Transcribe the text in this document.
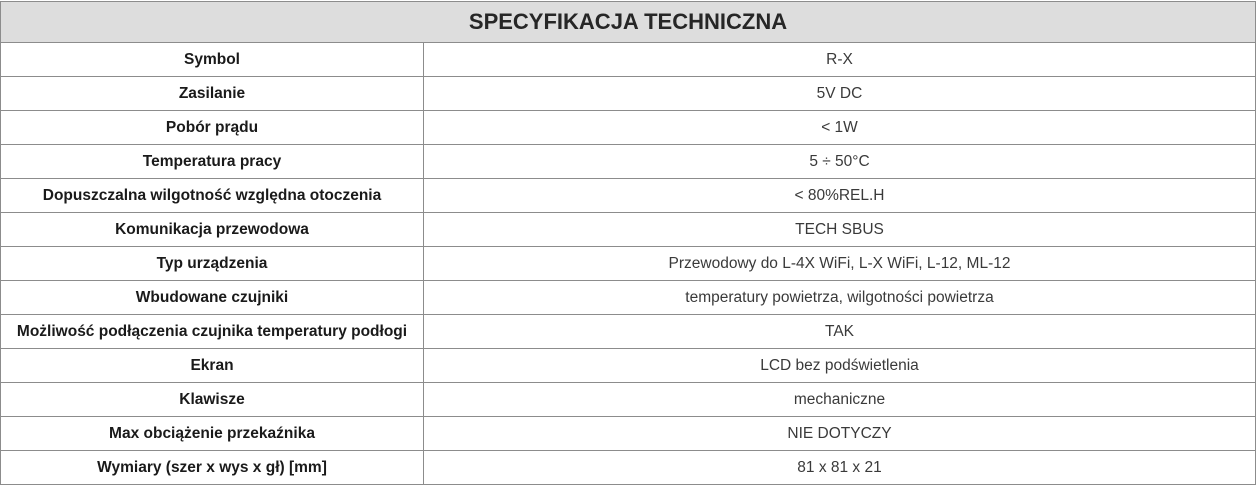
SPECYFIKACJA TECHNICZNA	
Symbol	R-X
Zasilanie	5V DC
Pobór prądu	< 1W
Temperatura pracy	5 ÷ 50°C
Dopuszczalna wilgotność względna otoczenia	< 80%REL.H
Komunikacja przewodowa	TECH SBUS
Typ urządzenia	Przewodowy do L-4X WiFi, L-X WiFi, L-12, ML-12
Wbudowane czujniki	temperatury powietrza, wilgotności powietrza
Możliwość podłączenia czujnika temperatury podłogi	TAK
Ekran	LCD bez podświetlenia
Klawisze	mechaniczne
Max obciążenie przekaźnika	NIE DOTYCZY
Wymiary (szer x wys x gł) [mm]	81 x 81 x 21
